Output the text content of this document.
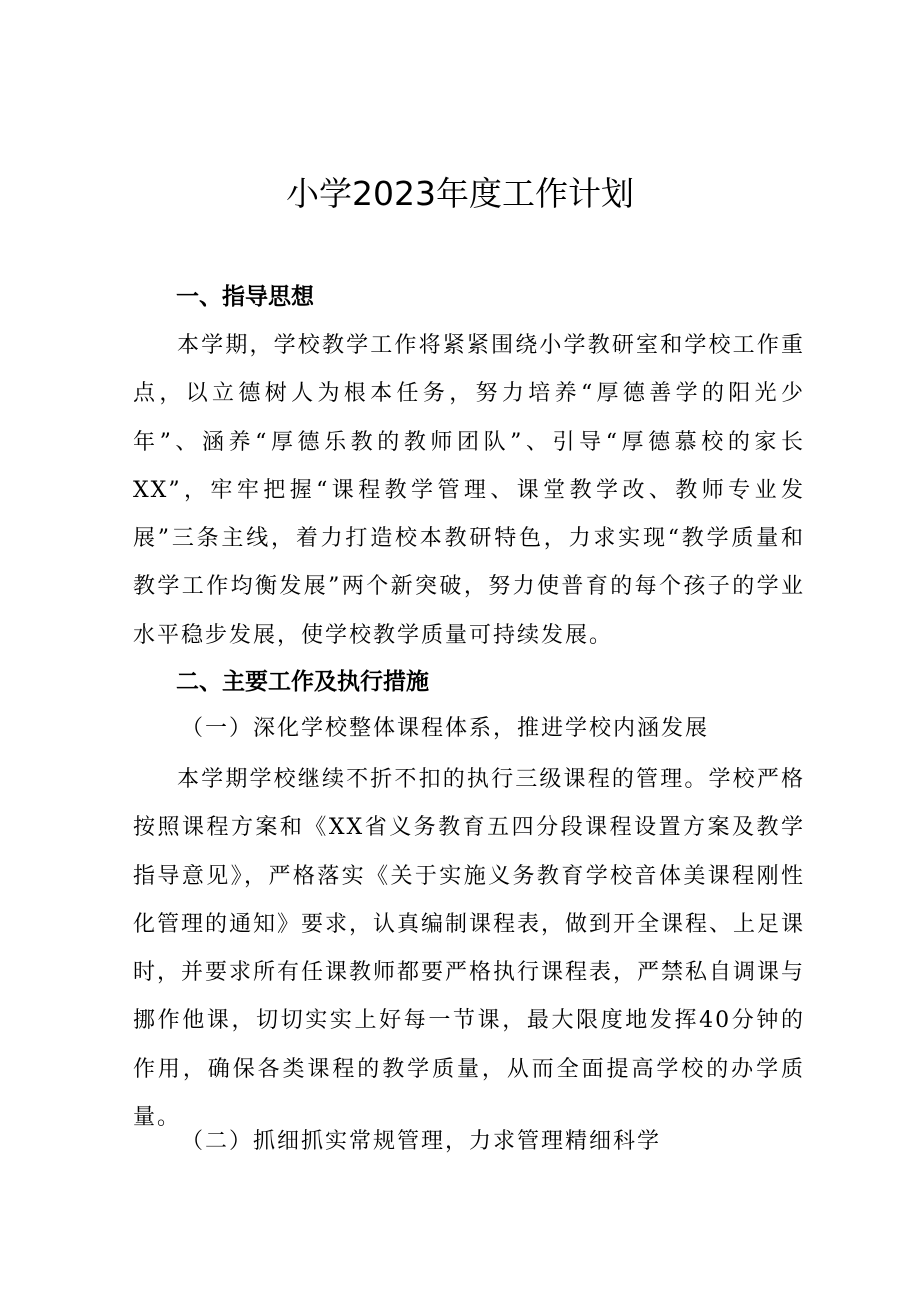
小学2023年度工作计划
一、指导思想

本学期，学校教学工作将紧紧围绕小学教研室和学校工作重点，以立德树人为根本任务，努力培养“厚德善学的阳光少年”、涵养“厚德乐教的教师团队”、引导“厚德慕校的家长XX”，牢牢把握“课程教学管理、课堂教学改、教师专业发展”三条主线，着力打造校本教研特色，力求实现“教学质量和教学工作均衡发展”两个新突破，努力使普育的每个孩子的学业水平稳步发展，使学校教学质量可持续发展。

二、主要工作及执行措施

（一）深化学校整体课程体系，推进学校内涵发展

本学期学校继续不折不扣的执行三级课程的管理。学校严格按照课程方案和《XX省义务教育五四分段课程设置方案及教学指导意见》，严格落实《关于实施义务教育学校音体美课程刚性化管理的通知》要求，认真编制课程表，做到开全课程、上足课时，并要求所有任课教师都要严格执行课程表，严禁私自调课与挪作他课，切切实实上好每一节课，最大限度地发挥40分钟的作用，确保各类课程的教学质量，从而全面提高学校的办学质量。

（二）抓细抓实常规管理，力求管理精细科学
